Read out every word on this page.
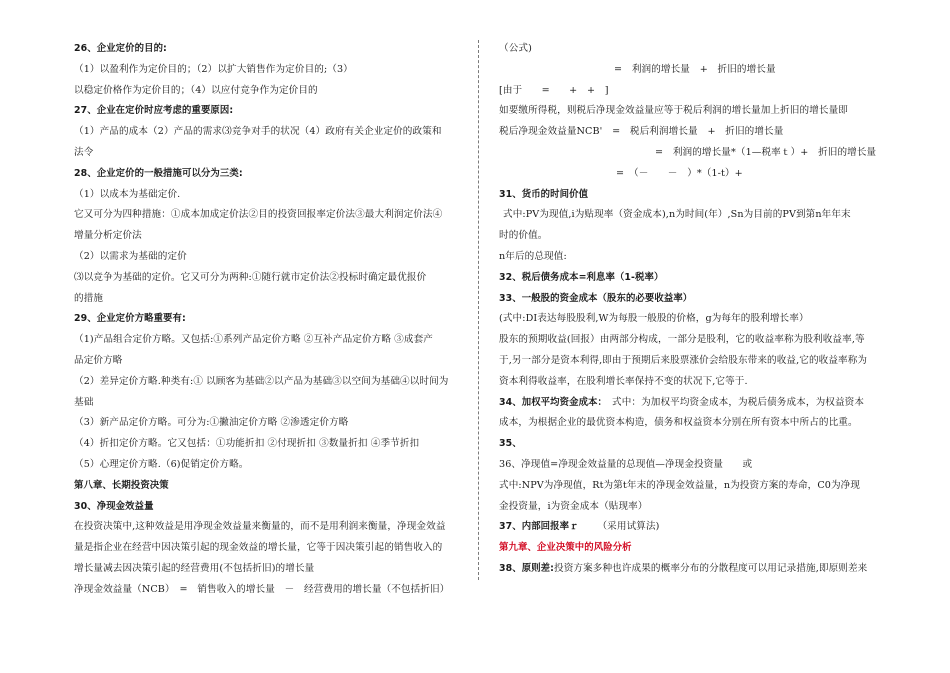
26、企业定价的目的:
（1）以盈利作为定价目的；（2）以扩大销售作为定价目的;（3）
以稳定价格作为定价目的；（4）以应付竞争作为定价目的
27、企业在定价时应考虑的重要原因:
（1）产品的成本（2）产品的需求⑶竞争对手的状况（4）政府有关企业定价的政策和
法令
28、企业定价的一般措施可以分为三类:
（1）以成本为基础定价.
它又可分为四种措施：①成本加成定价法②目的投资回报率定价法③最大利润定价法④
增量分析定价法
（2）以需求为基础的定价
⑶以竞争为基础的定价。它又可分为两种:①随行就市定价法②投标时确定最优报价
的措施
29、企业定价方略重要有:
（1)产品组合定价方略。又包括:①系列产品定价方略 ②互补产品定价方略 ③成套产
品定价方略
（2）差异定价方略.种类有:① 以顾客为基础②以产品为基础③以空间为基础④以时间为
基础
（3）新产品定价方略。可分为:①撇油定价方略 ②渗透定价方略
（4）折扣定价方略。它又包括：①功能折扣 ②付现折扣 ③数量折扣 ④季节折扣
（5）心理定价方略.（6)促销定价方略。
第八章、长期投资决策
30、净现金效益量
在投资决策中,这种效益是用净现金效益量来衡量的，而不是用利润来衡量，净现金效益
量是指企业在经营中因决策引起的现金效益的增长量，它等于因决策引起的销售收入的
增长量减去因决策引起的经营费用(不包括折旧)的增长量
净现金效益量（NCB）　=　销售收入的增长量　－　经营费用的增长量（不包括折旧）
（公式)
=　利润的增长量　+　折旧的增长量
[由于　　=　　+　+　]
如要缴所得税，则税后净现金效益量应等于税后利润的增长量加上折旧的增长量即
税后净现金效益量NCB'　=　税后利润增长量　+　折旧的增长量
=　利润的增长量*（1—税率ｔ）+　折旧的增长量
=　（－　　－　）*（1-t）+
31、货币的时间价值
式中:PV为现值,i为贴现率（资金成本),n为时间(年）,Sn为目前的PV到第n年年末
时的价值。
n年后的总现值:
32、税后债务成本=利息率（1-税率）
33、一般股的资金成本（股东的必要收益率）
(式中:DI表达每股股利,W为每股一般股的价格，g为每年的股利增长率）
股东的预期收益(回报）由两部分构成，一部分是股利，它的收益率称为股利收益率,等
于,另一部分是资本利得,即由于预期后来股票涨价会给股东带来的收益,它的收益率称为
资本利得收益率，在股利增长率保持不变的状况下,它等于.
34、加权平均资金成本：　式中：为加权平均资金成本，为税后债务成本，为权益资本
成本，为根据企业的最优资本构造，债务和权益资本分别在所有资本中所占的比重。
35、
36、净现值=净现金效益量的总现值—净现金投资量　　或
式中:NPV为净现值，Rt为第t年末的净现金效益量，n为投资方案的寿命，C0为净现
金投资量，i为资金成本（贴现率）
37、内部回报率ｒ （采用试算法)
第九章、企业决策中的风险分析
38、原则差:投资方案多种也许成果的概率分布的分散程度可以用记录措施,即原则差来
